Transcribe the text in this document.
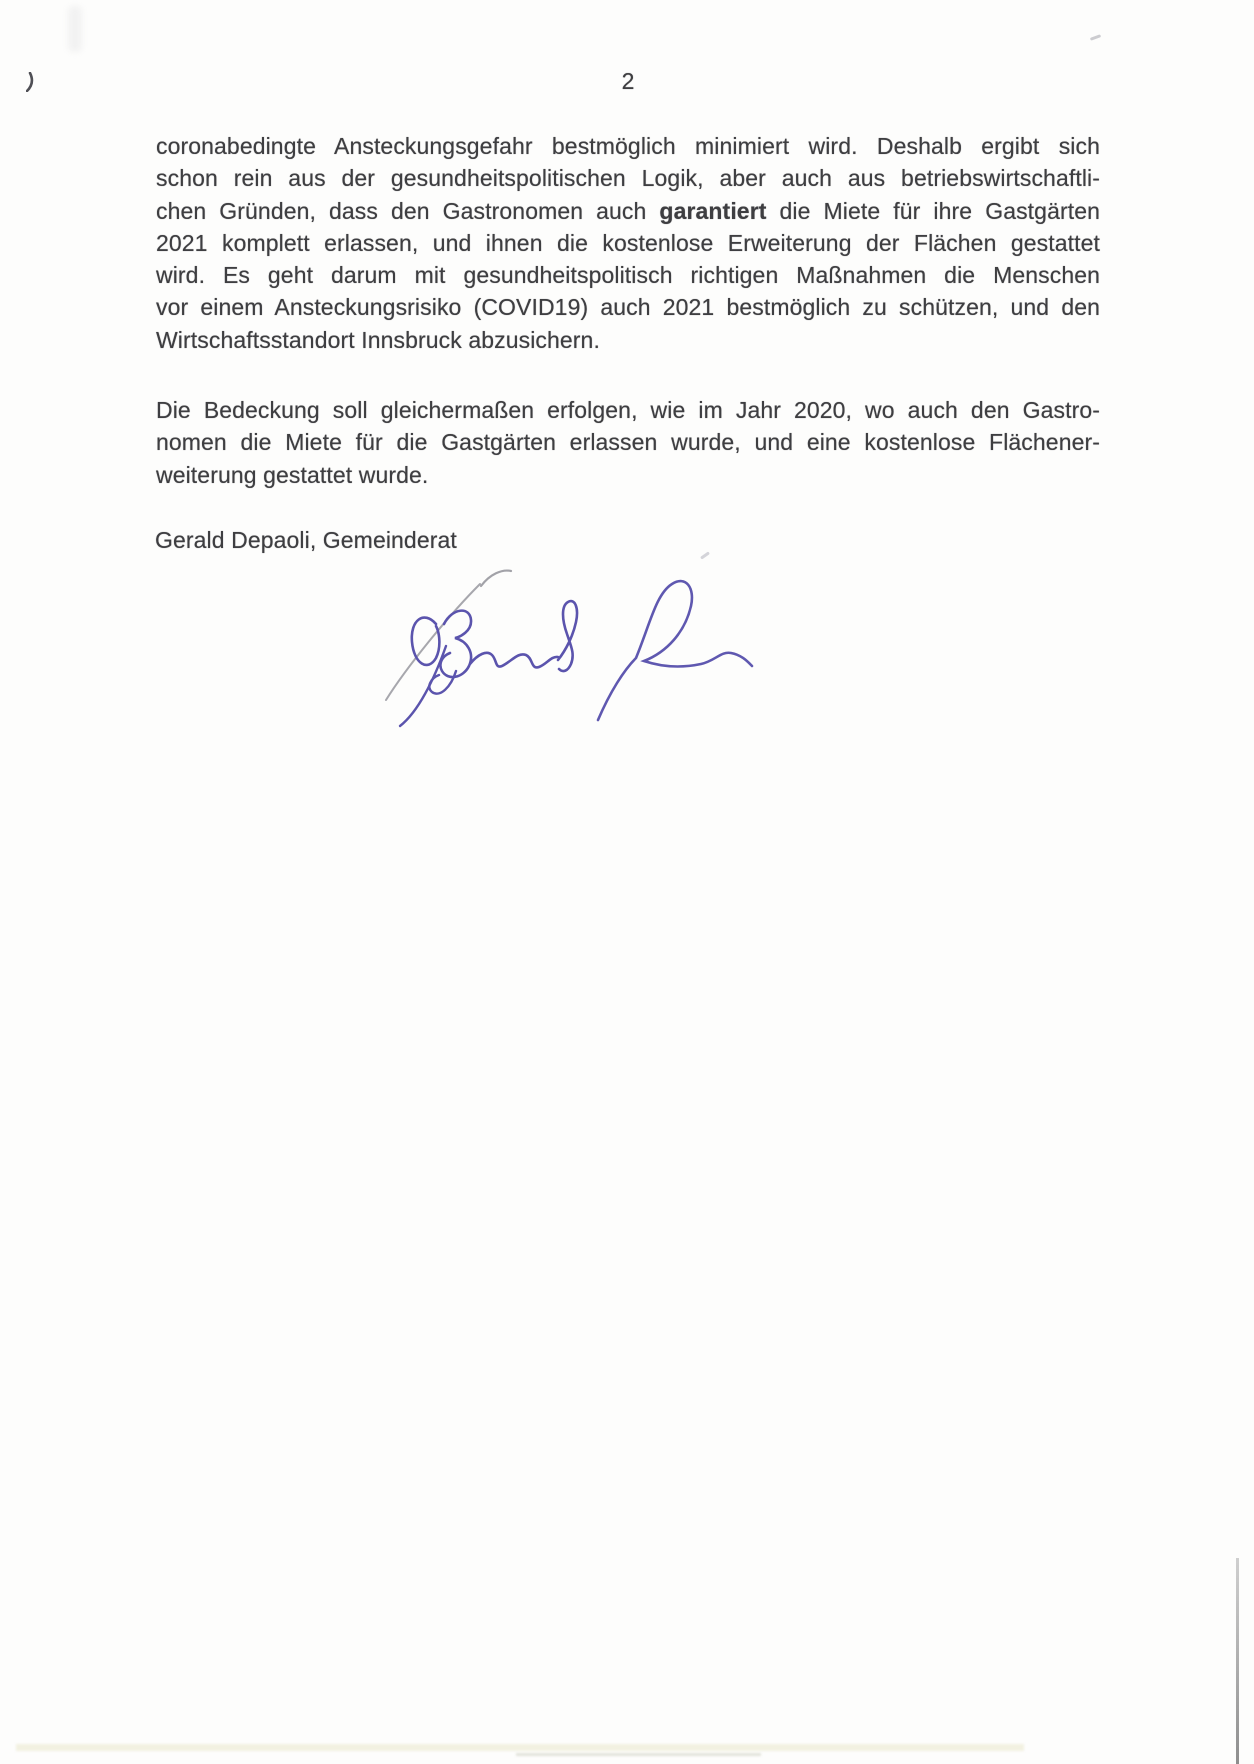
2
coronabedingte Ansteckungsgefahr bestmöglich minimiert wird. Deshalb ergibt sich
schon rein aus der gesundheitspolitischen Logik, aber auch aus betriebswirtschaftli-
chen Gründen, dass den Gastronomen auch garantiert die Miete für ihre Gastgärten
2021 komplett erlassen, und ihnen die kostenlose Erweiterung der Flächen gestattet
wird. Es geht darum mit gesundheitspolitisch richtigen Maßnahmen die Menschen
vor einem Ansteckungsrisiko (COVID19) auch 2021 bestmöglich zu schützen, und den
Wirtschaftsstandort Innsbruck abzusichern.
Die Bedeckung soll gleichermaßen erfolgen, wie im Jahr 2020, wo auch den Gastro-
nomen die Miete für die Gastgärten erlassen wurde, und eine kostenlose Flächener-
weiterung gestattet wurde.
Gerald Depaoli, Gemeinderat
